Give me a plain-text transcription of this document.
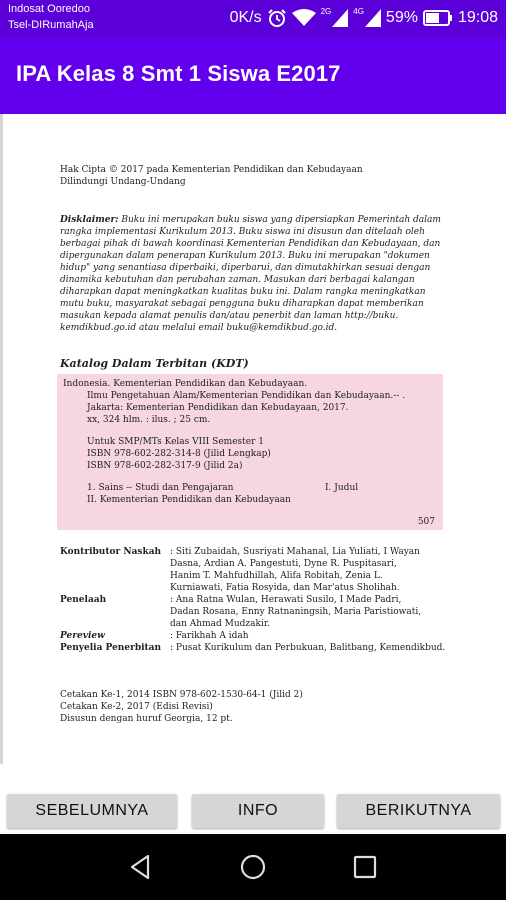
Indosat Ooredoo
Tsel-DIRumahAja	0K/s	2G	4G 59%	19:08
IPA Kelas 8 Smt 1 Siswa E2017
Hak Cipta © 2017 pada Kementerian Pendidikan dan Kebudayaan
Dilindungi Undang-Undang
Disklaimer: Buku ini merupakan buku siswa yang dipersiapkan Pemerintah dalam
rangka implementasi Kurikulum 2013. Buku siswa ini disusun dan ditelaah oleh
berbagai pihak di bawah koordinasi Kementerian Pendidikan dan Kebudayaan, dan
dipergunakan dalam penerapan Kurikulum 2013. Buku ini merupakan "dokumen
hidup" yang senantiasa diperbaiki, diperbarui, dan dimutakhirkan sesuai dengan
dinamika kebutuhan dan perubahan zaman. Masukan dari berbagai kalangan
diharapkan dapat meningkatkan kualitas buku ini. Dalam rangka meningkatkan
mutu buku, masyarakat sebagai pengguna buku diharapkan dapat memberikan
masukan kepada alamat penulis dan/atau penerbit dan laman http://buku.
kemdikbud.go.id atau melalui email buku@kemdikbud.go.id.
Katalog Dalam Terbitan (KDT)
Indonesia. Kementerian Pendidikan dan Kebudayaan.
Ilmu Pengetahuan Alam/Kementerian Pendidikan dan Kebudayaan.-- .
Jakarta: Kementerian Pendidikan dan Kebudayaan, 2017.
xx, 324 hlm. : ilus. ; 25 cm.
Untuk SMP/MTs Kelas VIII Semester 1
ISBN 978-602-282-314-8 (Jilid Lengkap)
ISBN 978-602-282-317-9 (Jilid 2a)
1. Sains -- Studi dan Pengajaran	I. Judul
II. Kementerian Pendidikan dan Kebudayaan
507
Kontributor Naskah : Siti Zubaidah, Susriyati Mahanal, Lia Yuliati, I Wayan
Dasna, Ardian A. Pangestuti, Dyne R. Puspitasari,
Hanim T. Mahfudhillah, Alifa Robitah, Zenia L.
Kurniawati, Fatia Rosyida, dan Mar'atus Sholihah.
Penelaah	: Ana Ratna Wulan, Herawati Susilo, I Made Padri,
Dadan Rosana, Enny Ratnaningsih, Maria Paristiowati,
dan Ahmad Mudzakir.
Pereview	: Farikhah A idah
Penyelia Penerbitan : Pusat Kurikulum dan Perbukuan, Balitbang, Kemendikbud.
Cetakan Ke-1, 2014 ISBN 978-602-1530-64-1 (Jilid 2)
Cetakan Ke-2, 2017 (Edisi Revisi)
Disusun dengan huruf Georgia, 12 pt.
SEBELUMNYA	INFO	BERIKUTNYA
